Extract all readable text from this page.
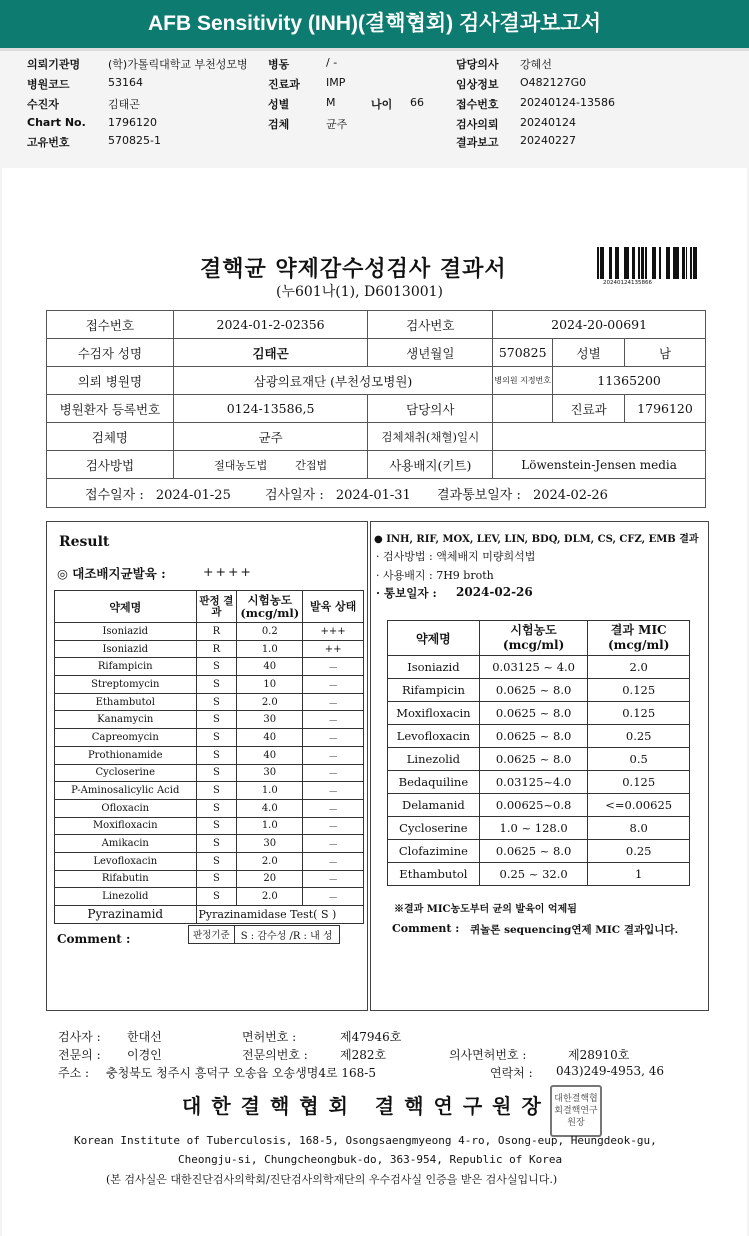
AFB Sensitivity (INH)(결핵협회) 검사결과보고서
의뢰기관명	(학)가톨릭대학교 부천성모병 병동	/ -	담당의사 강혜선
병원코드	53164	진료과 IMP	임상정보 O482127G0
수진자	김태곤	성별	M	나이 66	접수번호 20240124-13586
Chart No. 1796120	검체	균주	검사의뢰 20240124
고유번호	570825-1	결과보고 20240227
결핵균 약제감수성검사 결과서
(누601나(1), D6013001)
20240124135866
접수번호	2024-01-2-02356	검사번호	2024-20-00691		
수검자 성명	김태곤	생년월일	570825	성별	남
의뢰 병원명	삼광의료재단 (부천성모병원)		병의원 지정번호	11365200	
병원환자 등록번호	0124-13586,5	담당의사		진료과	1796120
검체명	균주	검체채취(채혈)일시			
검사방법	절대농도법 간접법	사용배지(키트)	Löwenstein-Jensen media		
접수일자 : 2024-01-25 검사일자 : 2024-01-31 결과통보일자 : 2024-02-26					
Result
◎ 대조배지균발육 :	++++
약제명	판정 결과	시험농도 (mcg/ml)	발육 상태
Isoniazid	R	0.2	+++
Isoniazid	R	1.0	++
Rifampicin	S	40	－
Streptomycin	S	10	－
Ethambutol	S	2.0	－
Kanamycin	S	30	－
Capreomycin	S	40	－
Prothionamide	S	40	－
Cycloserine	S	30	－
P-Aminosalicylic Acid	S	1.0	－
Ofloxacin	S	4.0	－
Moxifloxacin	S	1.0	－
Amikacin	S	30	－
Levofloxacin	S	2.0	－
Rifabutin	S	20	－
Linezolid	S	2.0	－
Pyrazinamid	Pyrazinamidase Test( S )
판정기준	S : 감수성 /R : 내 성
Comment :
● INH, RIF, MOX, LEV, LIN, BDQ, DLM, CS, CFZ, EMB 결과
· 검사방법 : 액체배지 미량희석법
· 사용배지 : 7H9 broth
· 통보일자 : 2024-02-26
약제명	시험농도 (mcg/ml)	결과 MIC (mcg/ml)
Isoniazid	0.03125 ~ 4.0	2.0
Rifampicin	0.0625 ~ 8.0	0.125
Moxifloxacin	0.0625 ~ 8.0	0.125
Levofloxacin	0.0625 ~ 8.0	0.25
Linezolid	0.0625 ~ 8.0	0.5
Bedaquiline	0.03125~4.0	0.125
Delamanid	0.00625~0.8	<=0.00625
Cycloserine	1.0 ~ 128.0	8.0
Clofazimine	0.0625 ~ 8.0	0.25
Ethambutol	0.25 ~ 32.0	1
※결과 MIC농도부터 균의 발육이 억제됨
Comment : 퀴놀론 sequencing연제 MIC 결과입니다.
검사자 : 한대선	면허번호 :	제47946호
전문의 : 이경인	전문의번호 :	제282호	의사면허번호 :	제28910호
주소 : 충청북도 청주시 흥덕구 오송읍 오송생명4로 168-5	연락처 : 043)249-4953, 46
대한결핵협회 결핵연구원장 대한결핵협회결핵연구원장
Korean Institute of Tuberculosis, 168-5, Osongsaengmyeong 4-ro, Osong-eup, Heungdeok-gu,
Cheongju-si, Chungcheongbuk-do, 363-954, Republic of Korea
(본 검사실은 대한진단검사의학회/진단검사의학재단의 우수검사실 인증을 받은 검사실입니다.)
